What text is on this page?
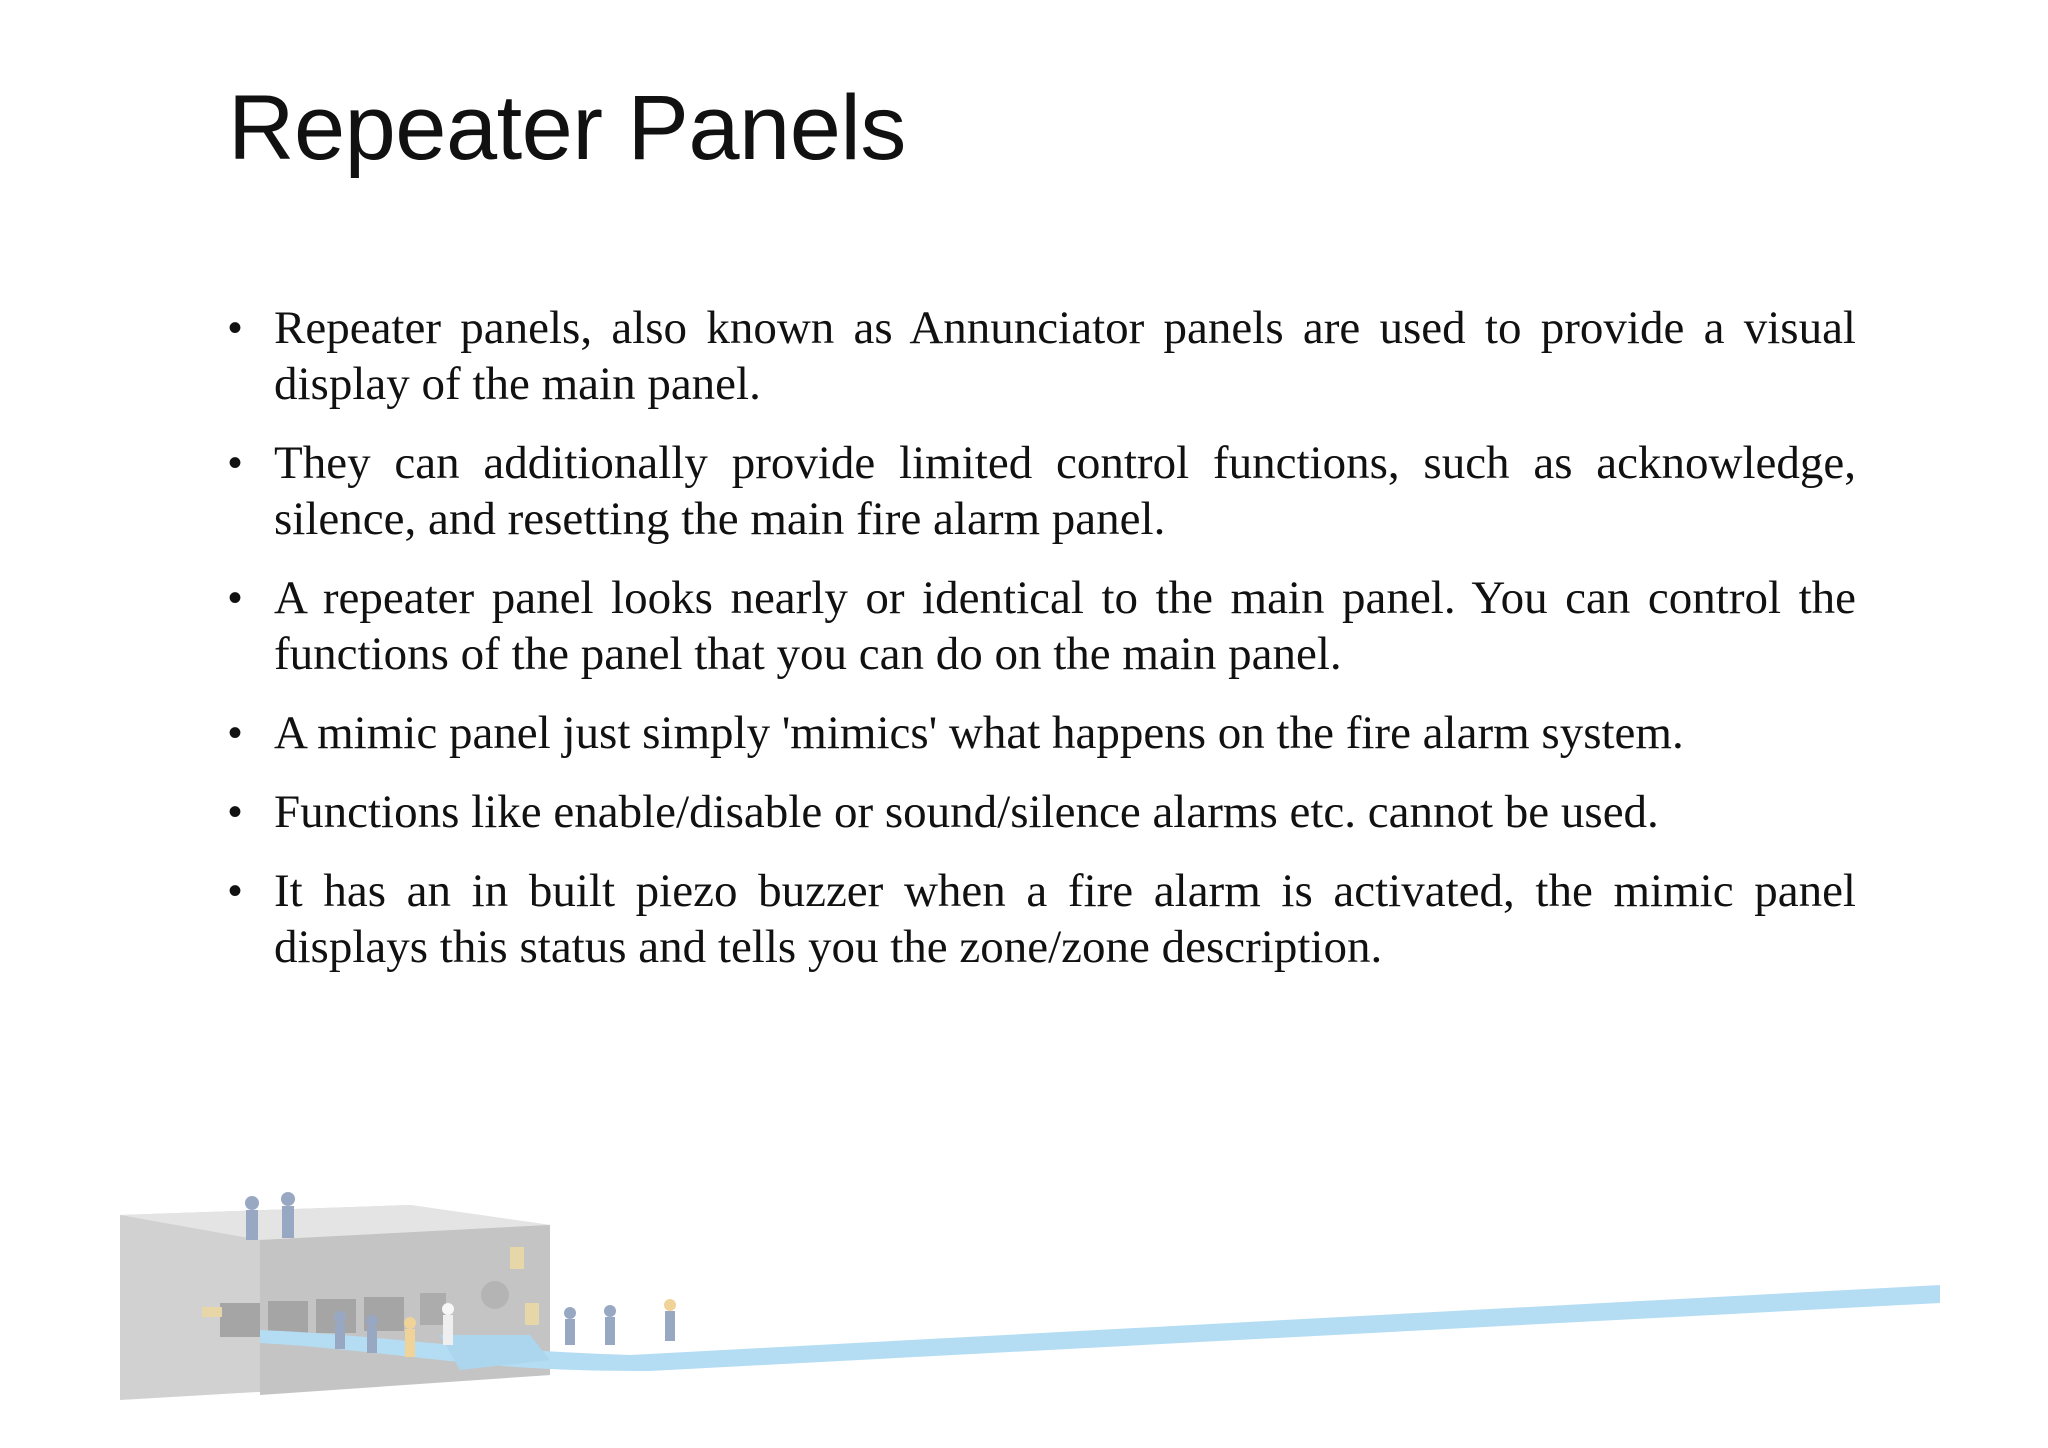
Repeater Panels
• Repeater panels, also known as Annunciator panels are used to provide a visual display of the main panel.
• They can additionally provide limited control functions, such as acknowledge, silence, and resetting the main fire alarm panel.
• A repeater panel looks nearly or identical to the main panel. You can control the functions of the panel that you can do on the main panel.
• A mimic panel just simply 'mimics' what happens on the fire alarm system.
• Functions like enable/disable or sound/silence alarms etc. cannot be used.
• It has an in built piezo buzzer when a fire alarm is activated, the mimic panel displays this status and tells you the zone/zone description.
